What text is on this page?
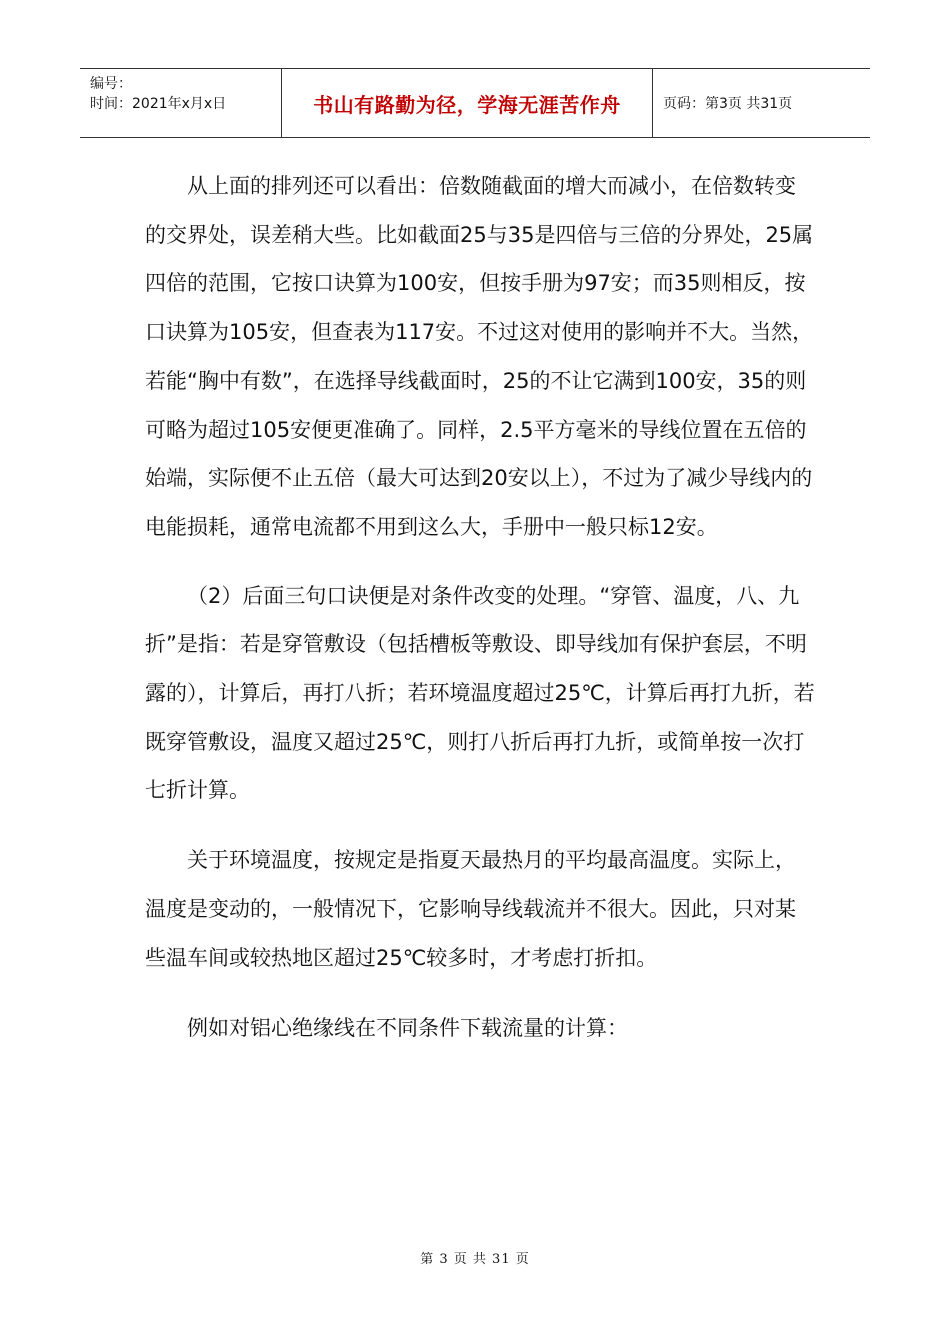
编号：
时间：2021年x月x日	书山有路勤为径，学海无涯苦作舟	页码：第3页 共31页

从上面的排列还可以看出：倍数随截面的增大而减小，在倍数转变的交界处，误差稍大些。比如截面25与35是四倍与三倍的分界处，25属四倍的范围，它按口诀算为100安，但按手册为97安；而35则相反，按口诀算为105安，但查表为117安。不过这对使用的影响并不大。当然，若能“胸中有数”，在选择导线截面时，25的不让它满到100安，35的则可略为超过105安便更准确了。同样，2.5平方毫米的导线位置在五倍的始端，实际便不止五倍（最大可达到20安以上），不过为了减少导线内的电能损耗，通常电流都不用到这么大，手册中一般只标12安。

（2）后面三句口诀便是对条件改变的处理。“穿管、温度，八、九折”是指：若是穿管敷设（包括槽板等敷设、即导线加有保护套层，不明露的），计算后，再打八折；若环境温度超过25℃，计算后再打九折，若既穿管敷设，温度又超过25℃，则打八折后再打九折，或简单按一次打七折计算。

关于环境温度，按规定是指夏天最热月的平均最高温度。实际上，温度是变动的，一般情况下，它影响导线载流并不很大。因此，只对某些温车间或较热地区超过25℃较多时，才考虑打折扣。

例如对铝心绝缘线在不同条件下载流量的计算：

第 3 页 共 31 页
